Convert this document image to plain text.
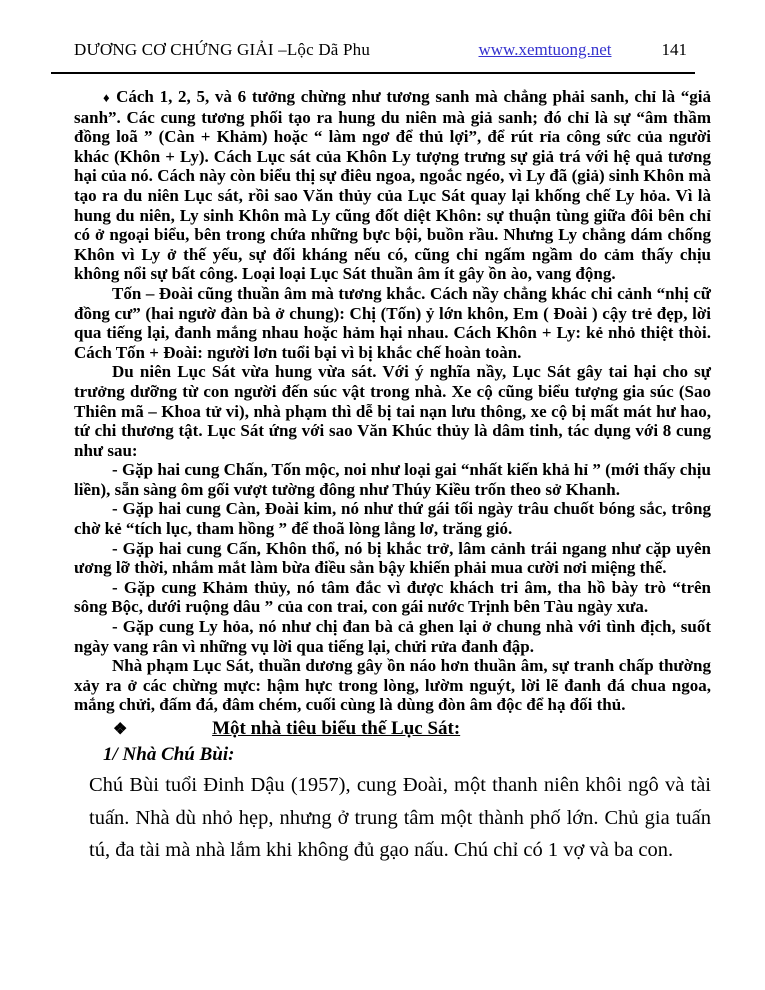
DƯƠNG CƠ CHỨNG GIẢI –Lộc Dã Phu	www.xemtuong.net	141

♦ Cách 1, 2, 5, và 6 tưởng chừng như tương sanh mà chẳng phải sanh, chỉ là “giả sanh”. Các cung tương phối tạo ra hung du niên mà giả sanh; đó chỉ là sự “âm thầm đồng loã ” (Càn + Khảm) hoặc “ làm ngơ để thủ lợi”, để rút rỉa công sức của người khác (Khôn + Ly). Cách Lục sát của Khôn Ly tượng trưng sự giả trá với hệ quả tương hại của nó. Cách này còn biểu thị sự điêu ngoa, ngoắc ngéo, vì Ly đã (giả) sinh Khôn mà tạo ra du niên Lục sát, rồi sao Văn thủy của Lục Sát quay lại khống chế Ly hỏa. Vì là hung du niên, Ly sinh Khôn mà Ly cũng đốt diệt Khôn: sự thuận tùng giữa đôi bên chỉ có ở ngoại biểu, bên trong chứa những bực bội, buồn rầu. Nhưng Ly chẳng dám chống Khôn vì Ly ở thế yếu, sự đối kháng nếu có, cũng chỉ ngấm ngầm do cảm thấy chịu không nổi sự bất công. Loại loại Lục Sát thuần âm ít gây ồn ào, vang động.

Tốn – Đoài cũng thuần âm mà tương khắc. Cách nầy chẳng khác chi cảnh “nhị cữ đồng cư” (hai ngườ đàn bà ở chung): Chị (Tốn) ỷ lớn khôn, Em ( Đoài ) cậy trẻ đẹp, lời qua tiếng lại, đanh mắng nhau hoặc hảm hại nhau. Cách Khôn + Ly: kẻ nhỏ thiệt thòi. Cách Tốn + Đoài: người lơn tuổi bại vì bị khắc chế hoàn toàn.

Du niên Lục Sát vừa hung vừa sát. Với ý nghĩa nầy, Lục Sát gây tai hại cho sự trưởng dưỡng từ con người đến súc vật trong nhà. Xe cộ cũng biểu tượng gia súc (Sao Thiên mã – Khoa tử vi), nhà phạm thì dễ bị tai nạn lưu thông, xe cộ bị mất mát hư hao, tứ chi thương tật. Lục Sát ứng với sao Văn Khúc thủy là dâm tinh, tác dụng với 8 cung như sau:

- Gặp hai cung Chấn, Tốn mộc, noi như loại gai “nhất kiến khả hỉ ” (mới thấy chịu liền), sẵn sàng ôm gối vượt tường đông như Thúy Kiều trốn theo sở Khanh.

- Gặp hai cung Càn, Đoài kim, nó như thứ gái tối ngày trâu chuốt bóng sắc, trông chờ kẻ “tích lục, tham hồng ” để thoã lòng lẳng lơ, trăng gió.

- Gặp hai cung Cấn, Khôn thổ, nó bị khắc trở, lâm cảnh trái ngang như cặp uyên ương lỡ thời, nhắm mắt làm bừa điều sằn bậy khiến phải mua cười nơi miệng thế.

- Gặp cung Khảm thủy, nó tâm đắc vì được khách tri âm, tha hồ bày trò “trên sông Bộc, dưới ruộng dâu ” của con trai, con gái nước Trịnh bên Tàu ngày xưa.

- Gặp cung Ly hỏa, nó như chị đan bà cả ghen lại ở chung nhà với tình địch, suốt ngày vang rân vì những vụ lời qua tiếng lại, chửi rửa đanh đập.

Nhà phạm Lục Sát, thuần dương gây ồn náo hơn thuần âm, sự tranh chấp thường xảy ra ở các chừng mực: hậm hực trong lòng, lườm nguýt, lời lẽ đanh đá chua ngoa, mắng chửi, đấm đá, đâm chém, cuối cùng là dùng đòn âm độc để hạ đối thủ.

❖	Một nhà tiêu biểu thế Lục Sát:

1/ Nhà Chú Bùi:

Chú Bùi tuổi Đinh Dậu (1957), cung Đoài, một thanh niên khôi ngô và tài tuấn. Nhà dù nhỏ hẹp, nhưng ở trung tâm một thành phố lớn. Chủ gia tuấn tú, đa tài mà nhà lắm khi không đủ gạo nấu. Chú chỉ có 1 vợ và ba con.
